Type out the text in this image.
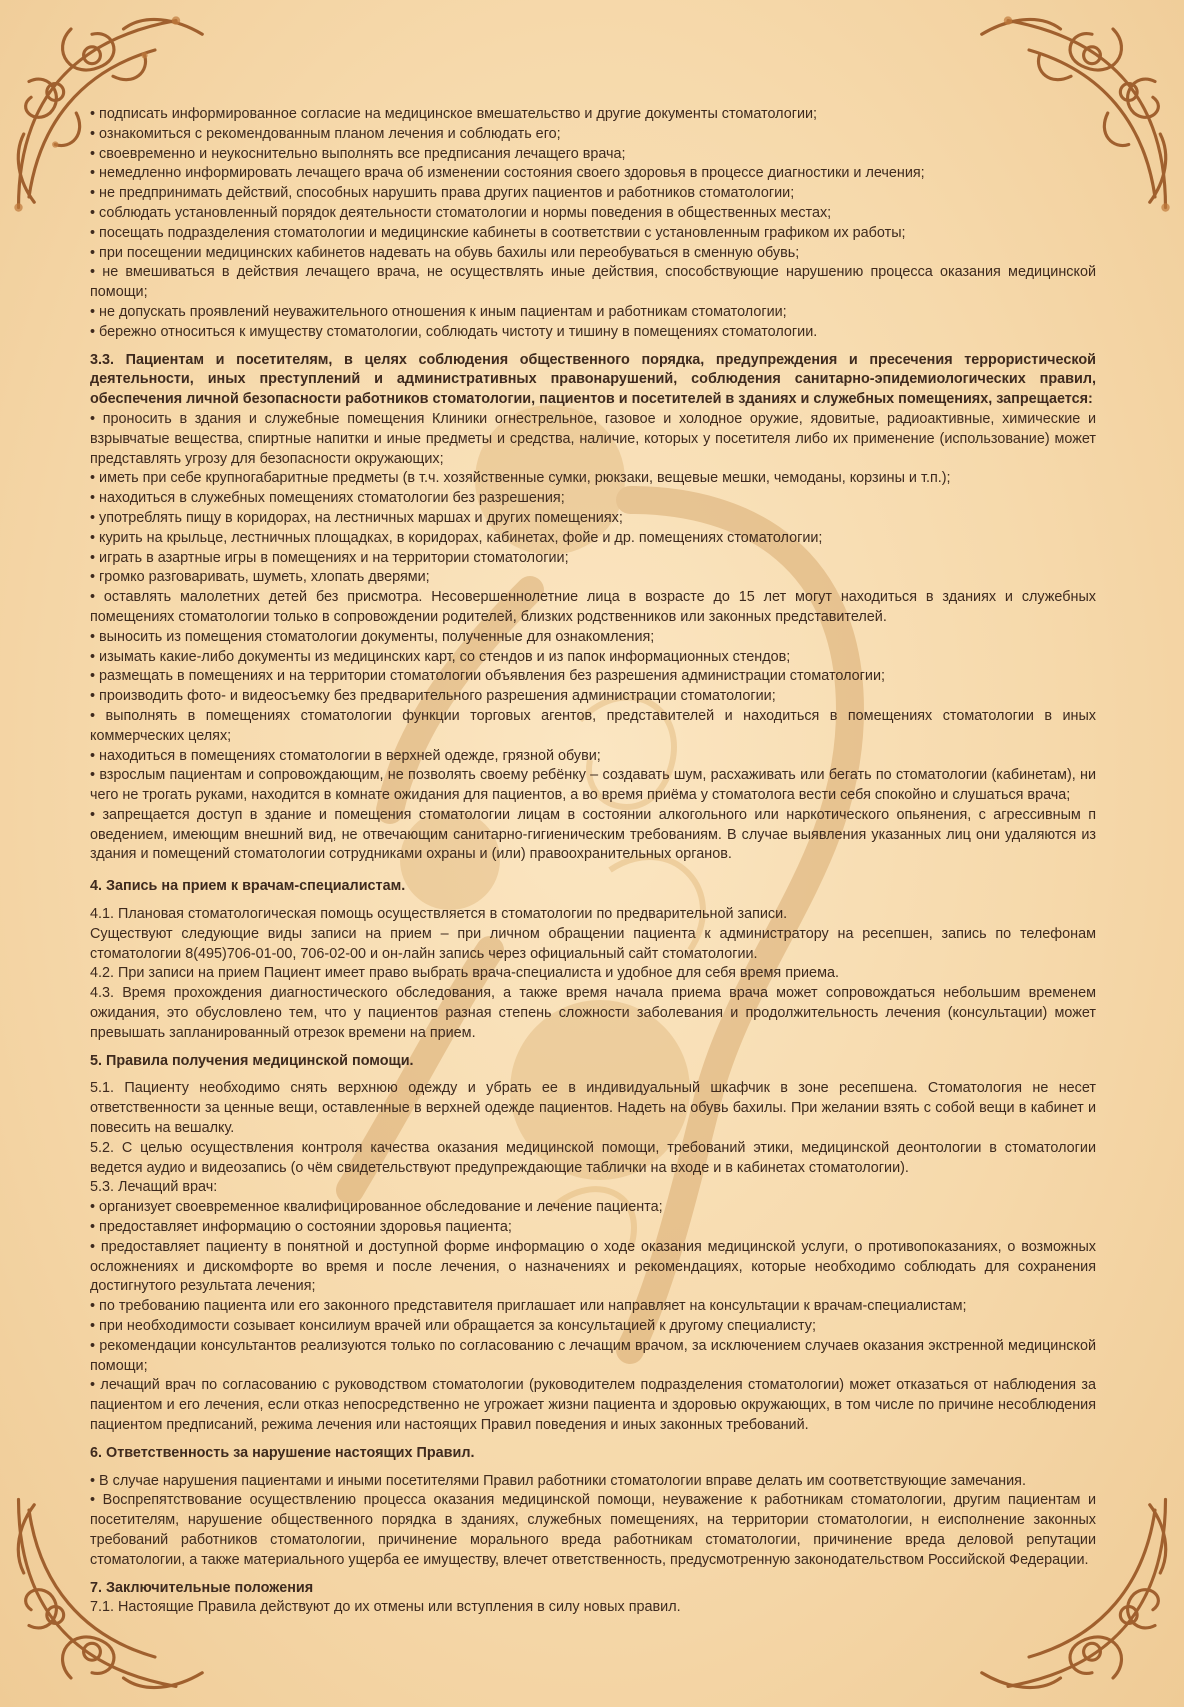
• подписать информированное согласие на медицинское вмешательство и другие документы стоматологии;

• ознакомиться с рекомендованным планом лечения и соблюдать его;

• своевременно и неукоснительно выполнять все предписания лечащего врача;

• немедленно информировать лечащего врача об изменении состояния своего здоровья в процессе диагностики и лечения;

• не предпринимать действий, способных нарушить права других пациентов и работников стоматологии;

• соблюдать установленный порядок деятельности стоматологии и нормы поведения в общественных местах;

• посещать подразделения стоматологии и медицинские кабинеты в соответствии с установленным графиком их работы;

• при посещении медицинских кабинетов надевать на обувь бахилы или переобуваться в сменную обувь;

• не вмешиваться в действия лечащего врача, не осуществлять иные действия, способствующие нарушению процесса оказания медицинской помощи;

• не допускать проявлений неуважительного отношения к иным пациентам и работникам стоматологии;

• бережно относиться к имуществу стоматологии, соблюдать чистоту и тишину в помещениях стоматологии.

3.3. Пациентам и посетителям, в целях соблюдения общественного порядка, предупреждения и пресечения террористической деятельности, иных преступлений и административных правонарушений, соблюдения санитарно-эпидемиологических правил, обеспечения личной безопасности работников стоматологии, пациентов и посетителей в зданиях и служебных помещениях, запрещается:

• проносить в здания и служебные помещения Клиники огнестрельное, газовое и холодное оружие, ядовитые, радиоактивные, химические и взрывчатые вещества, спиртные напитки и иные предметы и средства, наличие, которых у посетителя либо их применение (использование) может представлять угрозу для безопасности окружающих;

• иметь при себе крупногабаритные предметы (в т.ч. хозяйственные сумки, рюкзаки, вещевые мешки, чемоданы, корзины и т.п.);

• находиться в служебных помещениях стоматологии без разрешения;

• употреблять пищу в коридорах, на лестничных маршах и других помещениях;

• курить на крыльце, лестничных площадках, в коридорах, кабинетах, фойе и др. помещениях стоматологии;

• играть в азартные игры в помещениях и на территории стоматологии;

• громко разговаривать, шуметь, хлопать дверями;

• оставлять малолетних детей без присмотра. Несовершеннолетние лица в возрасте до 15 лет могут находиться в зданиях и служебных помещениях стоматологии только в сопровождении родителей, близких родственников или законных представителей.

• выносить из помещения стоматологии документы, полученные для ознакомления;

• изымать какие-либо документы из медицинских карт, со стендов и из папок информационных стендов;

• размещать в помещениях и на территории стоматологии объявления без разрешения администрации стоматологии;

• производить фото- и видеосъемку без предварительного разрешения администрации стоматологии;

• выполнять в помещениях стоматологии функции торговых агентов, представителей и находиться в помещениях стоматологии в иных коммерческих целях;

• находиться в помещениях стоматологии в верхней одежде, грязной обуви;

• взрослым пациентам и сопровождающим, не позволять своему ребёнку – создавать шум, расхаживать или бегать по стоматологии (кабинетам), ни чего не трогать руками, находится в комнате ожидания для пациентов, а во время приёма у стоматолога вести себя спокойно и слушаться врача;

• запрещается доступ в здание и помещения стоматологии лицам в состоянии алкогольного или наркотического опьянения, с агрессивным п оведением, имеющим внешний вид, не отвечающим санитарно-гигиеническим требованиям. В случае выявления указанных лиц они удаляются из здания и помещений стоматологии сотрудниками охраны и (или) правоохранительных органов.

4. Запись на прием к врачам-специалистам.

4.1. Плановая стоматологическая помощь осуществляется в стоматологии по предварительной записи.

Существуют следующие виды записи на прием – при личном обращении пациента к администратору на ресепшен, запись по телефонам стоматологии 8(495)706-01-00, 706-02-00 и он-лайн запись через официальный сайт стоматологии.

4.2. При записи на прием Пациент имеет право выбрать врача-специалиста и удобное для себя время приема.

4.3. Время прохождения диагностического обследования, а также время начала приема врача может сопровождаться небольшим временем ожидания, это обусловлено тем, что у пациентов разная степень сложности заболевания и продолжительность лечения (консультации) может превышать запланированный отрезок времени на прием.

5. Правила получения медицинской помощи.

5.1. Пациенту необходимо снять верхнюю одежду и убрать ее в индивидуальный шкафчик в зоне ресепшена. Стоматология не несет ответственности за ценные вещи, оставленные в верхней одежде пациентов. Надеть на обувь бахилы. При желании взять с собой вещи в кабинет и повесить на вешалку.

5.2. С целью осуществления контроля качества оказания медицинской помощи, требований этики, медицинской деонтологии в стоматологии ведется аудио и видеозапись (о чём свидетельствуют предупреждающие таблички на входе и в кабинетах стоматологии).

5.3. Лечащий врач:

• организует своевременное квалифицированное обследование и лечение пациента;

• предоставляет информацию о состоянии здоровья пациента;

• предоставляет пациенту в понятной и доступной форме информацию о ходе оказания медицинской услуги, о противопоказаниях, о возможных осложнениях и дискомфорте во время и после лечения, о назначениях и рекомендациях, которые необходимо соблюдать для сохранения достигнутого результата лечения;

• по требованию пациента или его законного представителя приглашает или направляет на консультации к врачам-специалистам;

• при необходимости созывает консилиум врачей или обращается за консультацией к другому специалисту;

• рекомендации консультантов реализуются только по согласованию с лечащим врачом, за исключением случаев оказания экстренной медицинской помощи;

• лечащий врач по согласованию с руководством стоматологии (руководителем подразделения стоматологии) может отказаться от наблюдения за пациентом и его лечения, если отказ непосредственно не угрожает жизни пациента и здоровью окружающих, в том числе по причине несоблюдения пациентом предписаний, режима лечения или настоящих Правил поведения и иных законных требований.

6. Ответственность за нарушение настоящих Правил.

• В случае нарушения пациентами и иными посетителями Правил работники стоматологии вправе делать им соответствующие замечания.

• Воспрепятствование осуществлению процесса оказания медицинской помощи, неуважение к работникам стоматологии, другим пациентам и посетителям, нарушение общественного порядка в зданиях, служебных помещениях, на территории стоматологии, н еисполнение законных требований работников стоматологии, причинение морального вреда работникам стоматологии, причинение вреда деловой репутации стоматологии, а также материального ущерба ее имуществу, влечет ответственность, предусмотренную законодательством Российской Федерации.

7. Заключительные положения

7.1. Настоящие Правила действуют до их отмены или вступления в силу новых правил.
